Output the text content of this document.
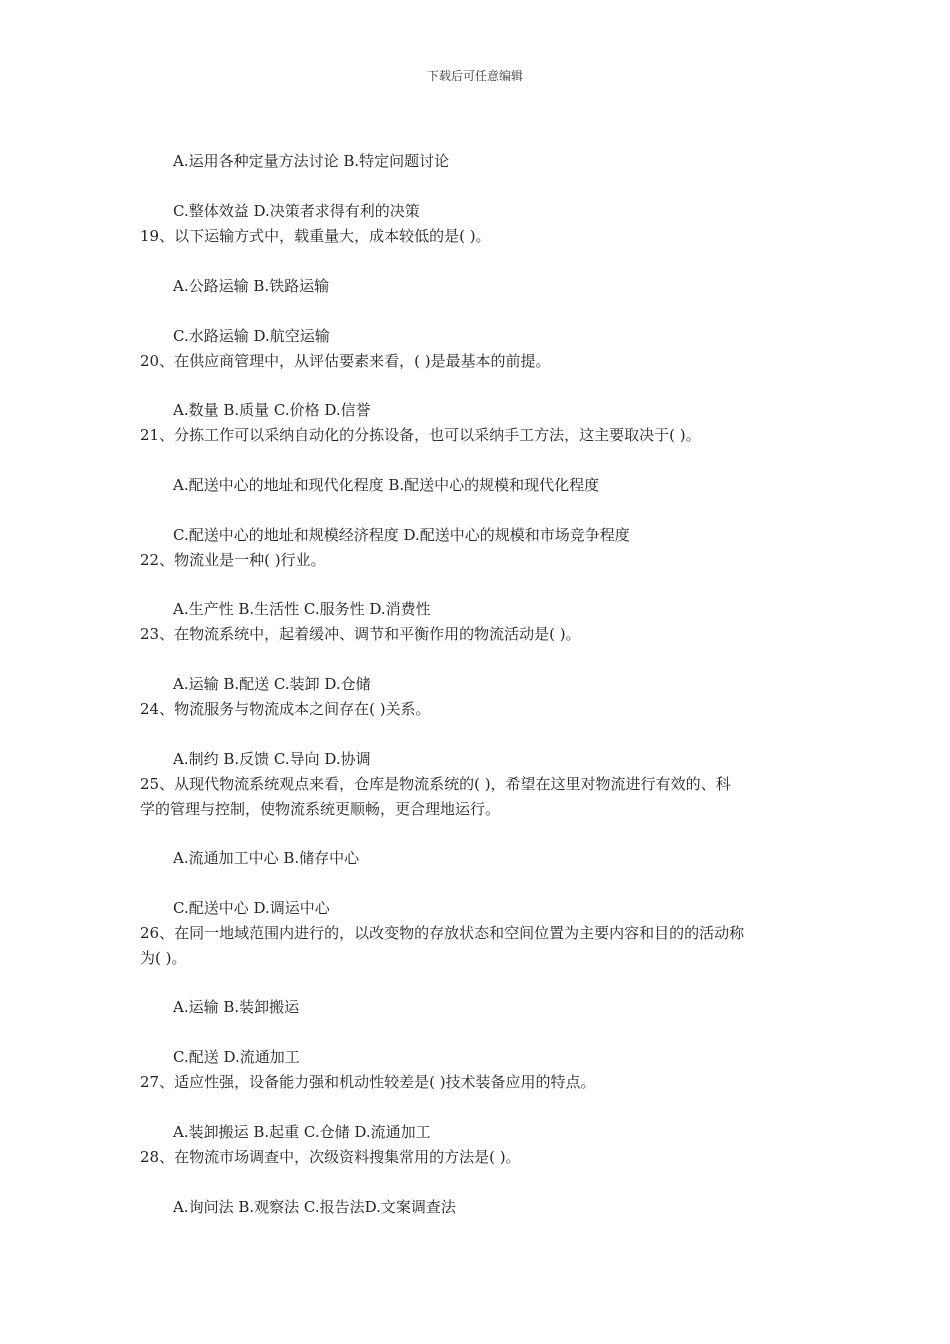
下载后可任意编辑
A.运用各种定量方法讨论 B.特定问题讨论
C.整体效益 D.决策者求得有利的决策
19、以下运输方式中，载重量大，成本较低的是( )。
A.公路运输 B.铁路运输
C.水路运输 D.航空运输
20、在供应商管理中，从评估要素来看，( )是最基本的前提。
A.数量 B.质量 C.价格 D.信誉
21、分拣工作可以采纳自动化的分拣设备，也可以采纳手工方法，这主要取决于( )。
A.配送中心的地址和现代化程度 B.配送中心的规模和现代化程度
C.配送中心的地址和规模经济程度 D.配送中心的规模和市场竞争程度
22、物流业是一种( )行业。
A.生产性 B.生活性 C.服务性 D.消费性
23、在物流系统中，起着缓冲、调节和平衡作用的物流活动是( )。
A.运输 B.配送 C.装卸 D.仓储
24、物流服务与物流成本之间存在( )关系。
A.制约 B.反馈 C.导向 D.协调
25、从现代物流系统观点来看，仓库是物流系统的( )，希望在这里对物流进行有效的、科
学的管理与控制，使物流系统更顺畅，更合理地运行。
A.流通加工中心 B.储存中心
C.配送中心 D.调运中心
26、在同一地域范围内进行的，以改变物的存放状态和空间位置为主要内容和目的的活动称
为( )。
A.运输 B.装卸搬运
C.配送 D.流通加工
27、适应性强，设备能力强和机动性较差是( )技术装备应用的特点。
A.装卸搬运 B.起重 C.仓储 D.流通加工
28、在物流市场调查中，次级资料搜集常用的方法是( )。
A.询问法 B.观察法 C.报告法D.文案调查法
